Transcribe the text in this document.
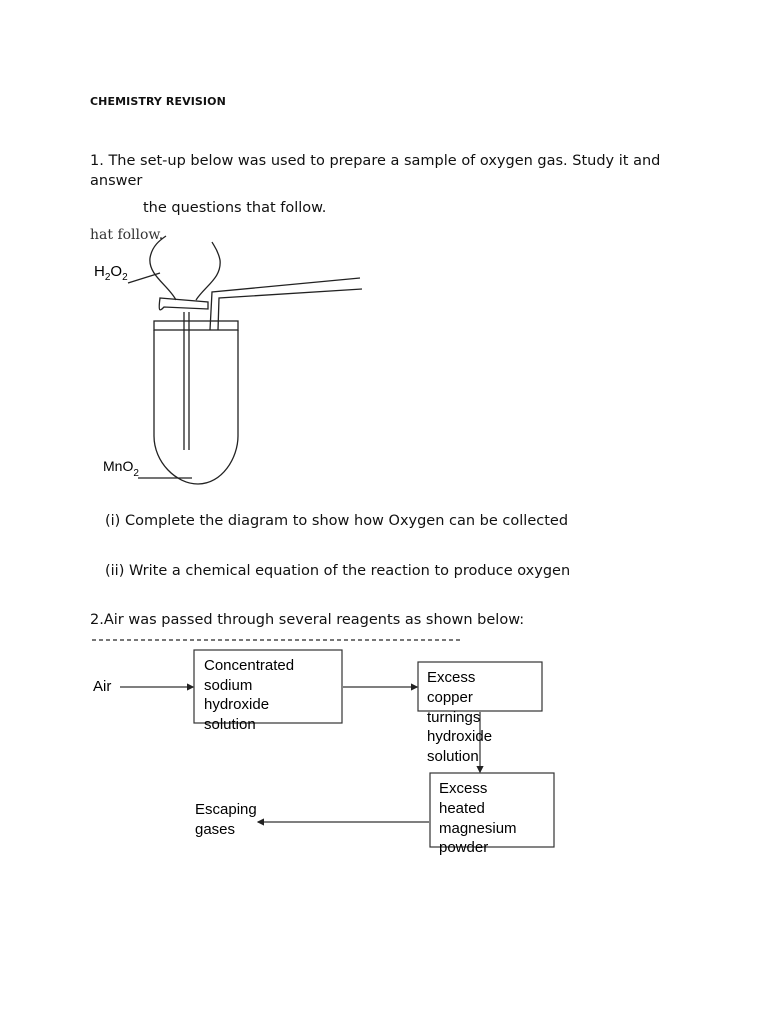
CHEMISTRY REVISION
1. The set-up below was used to prepare a sample of oxygen gas. Study it and answer
the questions that follow.
hat follow.
$H_2O_2$
MnO$_2$
(i) Complete the diagram to show how Oxygen can be collected
(ii) Write a chemical equation of the reaction to produce oxygen
2.Air was passed through several reagents as shown below:
Air
Concentrated
sodium
hydroxide
solution
Excess
copper
turnings
hydroxide
solution
Excess
heated
magnesium
powder
Escaping
gases
